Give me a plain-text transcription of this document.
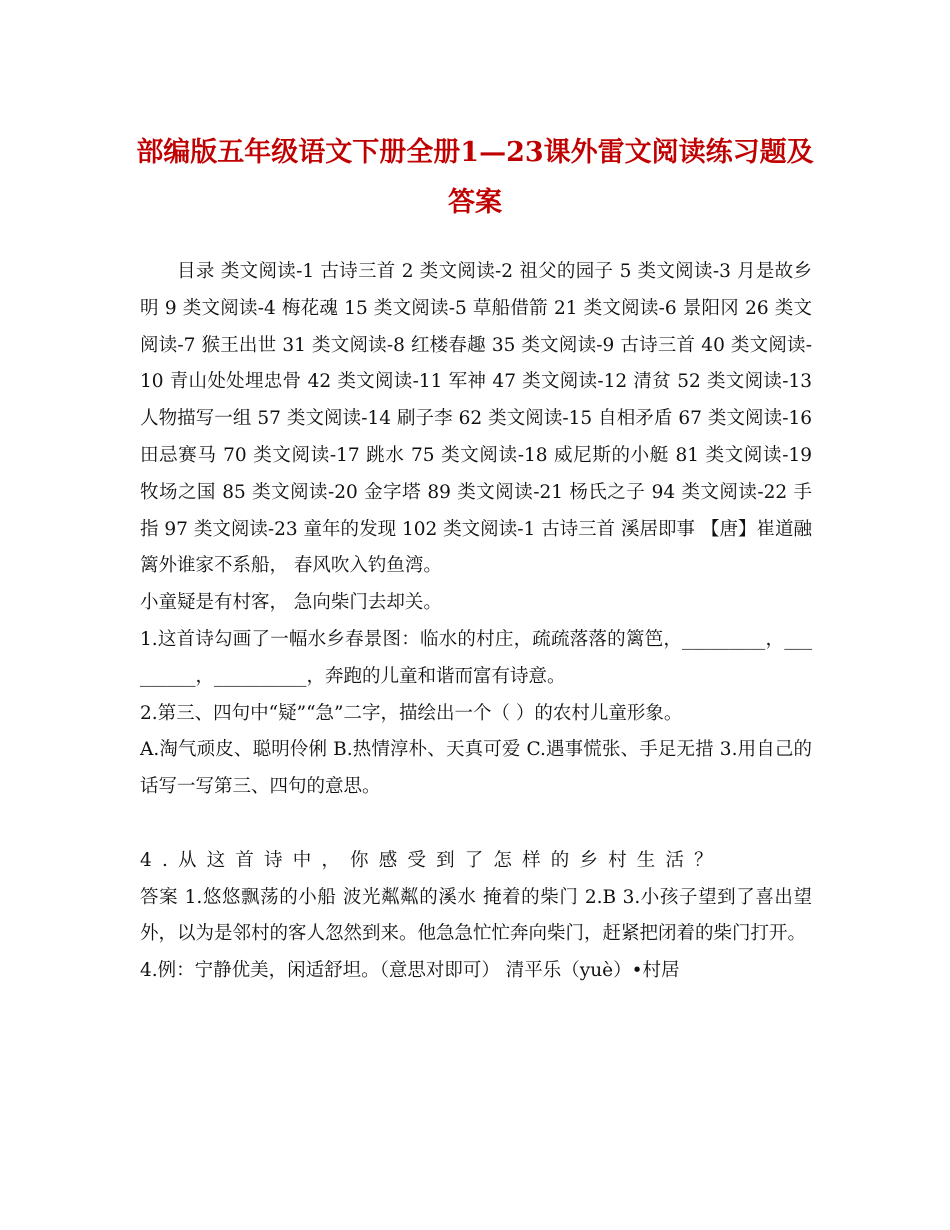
部编版五年级语文下册全册1—23课外雷文阅读练习题及答案

目录 类文阅读-1 古诗三首 2 类文阅读-2 祖父的园子 5 类文阅读-3 月是故乡明 9 类文阅读-4 梅花魂 15 类文阅读-5 草船借箭 21 类文阅读-6 景阳冈 26 类文阅读-7 猴王出世 31 类文阅读-8 红楼春趣 35 类文阅读-9 古诗三首 40 类文阅读-10 青山处处埋忠骨 42 类文阅读-11 军神 47 类文阅读-12 清贫 52 类文阅读-13 人物描写一组 57 类文阅读-14 刷子李 62 类文阅读-15 自相矛盾 67 类文阅读-16 田忌赛马 70 类文阅读-17 跳水 75 类文阅读-18 威尼斯的小艇 81 类文阅读-19 牧场之国 85 类文阅读-20 金字塔 89 类文阅读-21 杨氏之子 94 类文阅读-22 手指 97 类文阅读-23 童年的发现 102 类文阅读-1 古诗三首 溪居即事 【唐】崔道融 篱外谁家不系船， 春风吹入钓鱼湾。

小童疑是有村客， 急向柴门去却关。

1.这首诗勾画了一幅水乡春景图：临水的村庄，疏疏落落的篱笆，_________，_________，__________，奔跑的儿童和谐而富有诗意。

2.第三、四句中“疑”“急”二字，描绘出一个（ ）的农村儿童形象。

A.淘气顽皮、聪明伶俐 B.热情淳朴、天真可爱 C.遇事慌张、手足无措 3.用自己的话写一写第三、四句的意思。

4.从这首诗中，你感受到了怎样的乡村生活？

答案 1.悠悠飘荡的小船 波光粼粼的溪水 掩着的柴门 2.B 3.小孩子望到了喜出望外，以为是邻村的客人忽然到来。他急急忙忙奔向柴门，赶紧把闭着的柴门打开。

4.例：宁静优美，闲适舒坦。（意思对即可） 清平乐（yuè）•村居
